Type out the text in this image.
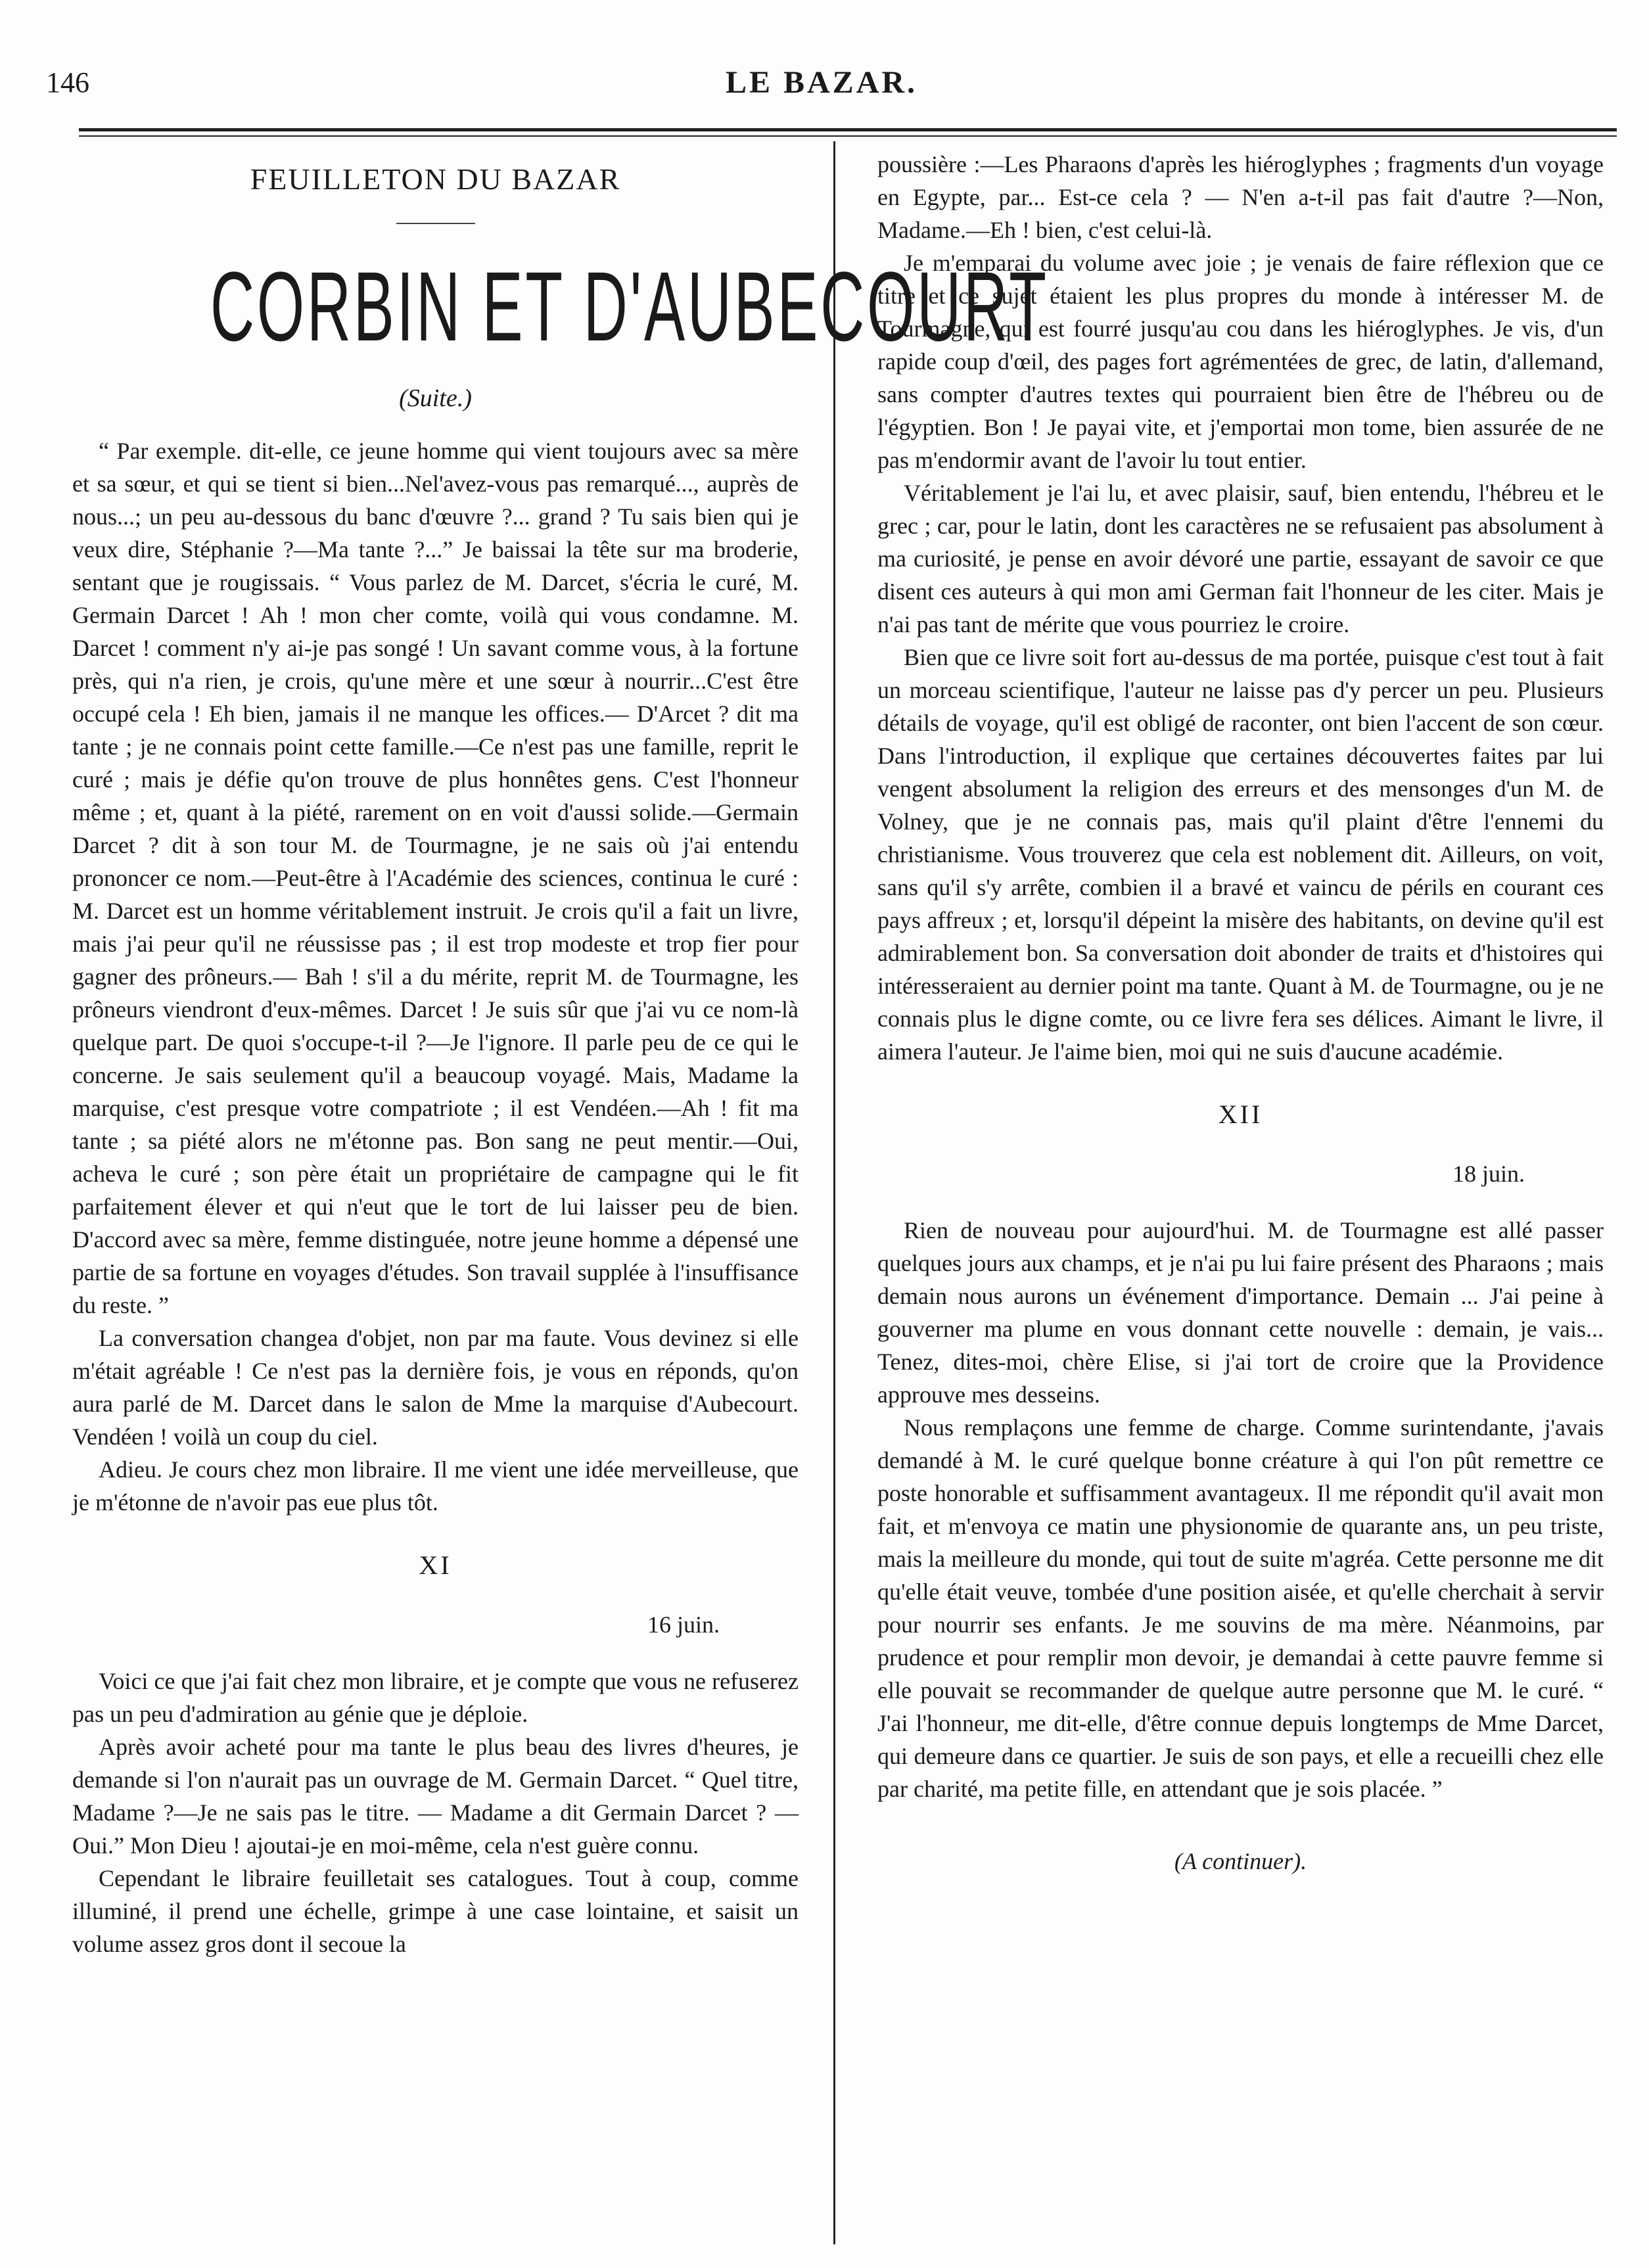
146	LE BAZAR.
FEUILLETON DU BAZAR
CORBIN ET D'AUBECOURT
(Suite.)

“ Par exemple. dit-elle, ce jeune homme qui vient toujours avec sa mère et sa sœur, et qui se tient si bien...Nel'avez-vous pas remarqué..., auprès de nous...; un peu au-dessous du banc d'œuvre ?... grand ? Tu sais bien qui je veux dire, Stéphanie ?—Ma tante ?...” Je baissai la tête sur ma broderie, sentant que je rougissais. “ Vous parlez de M. Darcet, s'écria le curé, M. Germain Darcet ! Ah ! mon cher comte, voilà qui vous condamne. M. Darcet ! comment n'y ai-je pas songé ! Un savant comme vous, à la fortune près, qui n'a rien, je crois, qu'une mère et une sœur à nourrir...C'est être occupé cela ! Eh bien, jamais il ne manque les offices.— D'Arcet ? dit ma tante ; je ne connais point cette famille.—Ce n'est pas une famille, reprit le curé ; mais je défie qu'on trouve de plus honnêtes gens. C'est l'honneur même ; et, quant à la piété, rarement on en voit d'aussi solide.—Germain Darcet ? dit à son tour M. de Tourmagne, je ne sais où j'ai entendu prononcer ce nom.—Peut-être à l'Académie des sciences, continua le curé : M. Darcet est un homme véritablement instruit. Je crois qu'il a fait un livre, mais j'ai peur qu'il ne réussisse pas ; il est trop modeste et trop fier pour gagner des prôneurs.— Bah ! s'il a du mérite, reprit M. de Tourmagne, les prôneurs viendront d'eux-mêmes. Darcet ! Je suis sûr que j'ai vu ce nom-là quelque part. De quoi s'occupe-t-il ?—Je l'ignore. Il parle peu de ce qui le concerne. Je sais seulement qu'il a beaucoup voyagé. Mais, Madame la marquise, c'est presque votre compatriote ; il est Vendéen.—Ah ! fit ma tante ; sa piété alors ne m'étonne pas. Bon sang ne peut mentir.—Oui, acheva le curé ; son père était un propriétaire de campagne qui le fit parfaitement élever et qui n'eut que le tort de lui laisser peu de bien. D'accord avec sa mère, femme distinguée, notre jeune homme a dépensé une partie de sa fortune en voyages d'études. Son travail supplée à l'insuffisance du reste. ”

La conversation changea d'objet, non par ma faute. Vous devinez si elle m'était agréable ! Ce n'est pas la dernière fois, je vous en réponds, qu'on aura parlé de M. Darcet dans le salon de Mme la marquise d'Aubecourt. Vendéen ! voilà un coup du ciel.

Adieu. Je cours chez mon libraire. Il me vient une idée merveilleuse, que je m'étonne de n'avoir pas eue plus tôt.

XI
16 juin.

Voici ce que j'ai fait chez mon libraire, et je compte que vous ne refuserez pas un peu d'admiration au génie que je déploie.

Après avoir acheté pour ma tante le plus beau des livres d'heures, je demande si l'on n'aurait pas un ouvrage de M. Germain Darcet. “ Quel titre, Madame ?—Je ne sais pas le titre. — Madame a dit Germain Darcet ? — Oui.” Mon Dieu ! ajoutai-je en moi-même, cela n'est guère connu.

Cependant le libraire feuilletait ses catalogues. Tout à coup, comme illuminé, il prend une échelle, grimpe à une case lointaine, et saisit un volume assez gros dont il secoue la

poussière :—Les Pharaons d'après les hiéroglyphes ; fragments d'un voyage en Egypte, par... Est-ce cela ? — N'en a-t-il pas fait d'autre ?—Non, Madame.—Eh ! bien, c'est celui-là.

Je m'emparai du volume avec joie ; je venais de faire réflexion que ce titre et ce sujet étaient les plus propres du monde à intéresser M. de Tourmagne, qui est fourré jusqu'au cou dans les hiéroglyphes. Je vis, d'un rapide coup d'œil, des pages fort agrémentées de grec, de latin, d'allemand, sans compter d'autres textes qui pourraient bien être de l'hébreu ou de l'égyptien. Bon ! Je payai vite, et j'emportai mon tome, bien assurée de ne pas m'endormir avant de l'avoir lu tout entier.

Véritablement je l'ai lu, et avec plaisir, sauf, bien entendu, l'hébreu et le grec ; car, pour le latin, dont les caractères ne se refusaient pas absolument à ma curiosité, je pense en avoir dévoré une partie, essayant de savoir ce que disent ces auteurs à qui mon ami German fait l'honneur de les citer. Mais je n'ai pas tant de mérite que vous pourriez le croire.

Bien que ce livre soit fort au-dessus de ma portée, puisque c'est tout à fait un morceau scientifique, l'auteur ne laisse pas d'y percer un peu. Plusieurs détails de voyage, qu'il est obligé de raconter, ont bien l'accent de son cœur. Dans l'introduction, il explique que certaines découvertes faites par lui vengent absolument la religion des erreurs et des mensonges d'un M. de Volney, que je ne connais pas, mais qu'il plaint d'être l'ennemi du christianisme. Vous trouverez que cela est noblement dit. Ailleurs, on voit, sans qu'il s'y arrête, combien il a bravé et vaincu de périls en courant ces pays affreux ; et, lorsqu'il dépeint la misère des habitants, on devine qu'il est admirablement bon. Sa conversation doit abonder de traits et d'histoires qui intéresseraient au dernier point ma tante. Quant à M. de Tourmagne, ou je ne connais plus le digne comte, ou ce livre fera ses délices. Aimant le livre, il aimera l'auteur. Je l'aime bien, moi qui ne suis d'aucune académie.

XII
18 juin.

Rien de nouveau pour aujourd'hui. M. de Tourmagne est allé passer quelques jours aux champs, et je n'ai pu lui faire présent des Pharaons ; mais demain nous aurons un événement d'importance. Demain ... J'ai peine à gouverner ma plume en vous donnant cette nouvelle : demain, je vais... Tenez, dites-moi, chère Elise, si j'ai tort de croire que la Providence approuve mes desseins.

Nous remplaçons une femme de charge. Comme surintendante, j'avais demandé à M. le curé quelque bonne créature à qui l'on pût remettre ce poste honorable et suffisamment avantageux. Il me répondit qu'il avait mon fait, et m'envoya ce matin une physionomie de quarante ans, un peu triste, mais la meilleure du monde, qui tout de suite m'agréa. Cette personne me dit qu'elle était veuve, tombée d'une position aisée, et qu'elle cherchait à servir pour nourrir ses enfants. Je me souvins de ma mère. Néanmoins, par prudence et pour remplir mon devoir, je demandai à cette pauvre femme si elle pouvait se recommander de quelque autre personne que M. le curé. “ J'ai l'honneur, me dit-elle, d'être connue depuis longtemps de Mme Darcet, qui demeure dans ce quartier. Je suis de son pays, et elle a recueilli chez elle par charité, ma petite fille, en attendant que je sois placée. ”

(A continuer).
